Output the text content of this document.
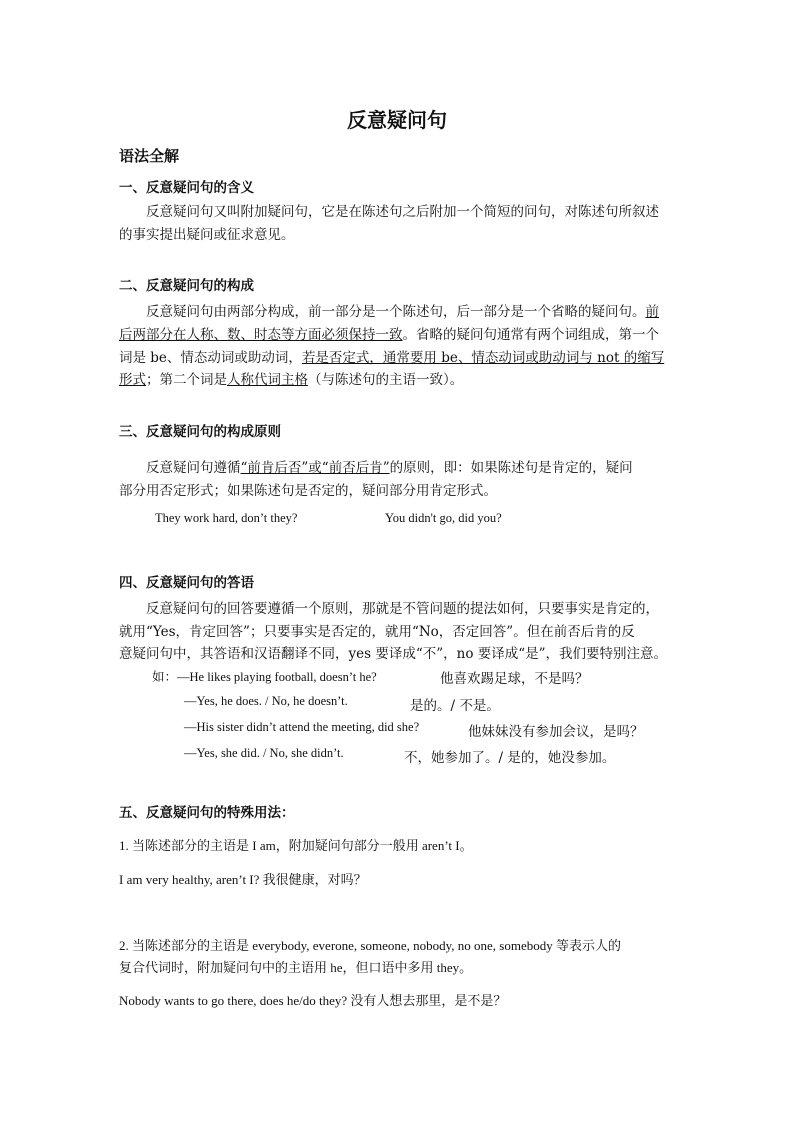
反意疑问句
语法全解
一、反意疑问句的含义
反意疑问句又叫附加疑问句，它是在陈述句之后附加一个简短的问句，对陈述句所叙述
的事实提出疑问或征求意见。
二、反意疑问句的构成
反意疑问句由两部分构成，前一部分是一个陈述句，后一部分是一个省略的疑问句。前
后两部分在人称、数、时态等方面必须保持一致。省略的疑问句通常有两个词组成，第一个
词是 be、情态动词或助动词，若是否定式，通常要用 be、情态动词或助动词与 not 的缩写
形式；第二个词是人称代词主格（与陈述句的主语一致）。
三、反意疑问句的构成原则
反意疑问句遵循“前肯后否”或“前否后肯”的原则，即：如果陈述句是肯定的，疑问
部分用否定形式；如果陈述句是否定的，疑问部分用肯定形式。
They work hard, don’t they?	You didn't go, did you?
四、反意疑问句的答语
反意疑问句的回答要遵循一个原则，那就是不管问题的提法如何，只要事实是肯定的，
就用“Yes，肯定回答”；只要事实是否定的，就用“No，否定回答”。但在前否后肯的反
意疑问句中，其答语和汉语翻译不同，yes 要译成“不”，no 要译成“是”，我们要特别注意。
如：—He likes playing football, doesn’t he?	他喜欢踢足球，不是吗？
—Yes, he does. / No, he doesn’t.	是的。/ 不是。
—His sister didn’t attend the meeting, did she?	他妹妹没有参加会议，是吗？
—Yes, she did. / No, she didn’t.	不，她参加了。/ 是的，她没参加。
五、反意疑问句的特殊用法：
1. 当陈述部分的主语是 I am，附加疑问句部分一般用 aren’t I。
I am very healthy, aren’t I? 我很健康，对吗？
2. 当陈述部分的主语是 everybody, everone, someone, nobody, no one, somebody 等表示人的
复合代词时，附加疑问句中的主语用 he，但口语中多用 they。
Nobody wants to go there, does he/do they? 没有人想去那里，是不是？
